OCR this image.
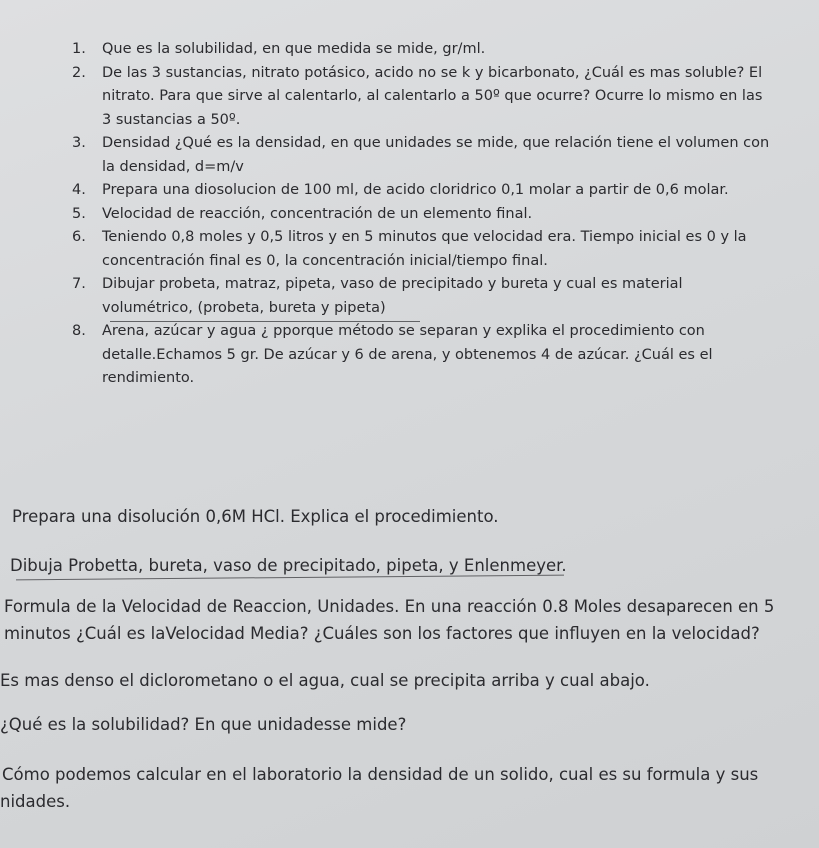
1. Que es la solubilidad, en que medida se mide, gr/ml.
2. De las 3 sustancias, nitrato potásico, acido no se k y bicarbonato, ¿Cuál es mas soluble? El nitrato. Para que sirve al calentarlo, al calentarlo a 50º que ocurre? Ocurre lo mismo en las 3 sustancias a 50º.
3. Densidad ¿Qué es la densidad, en que unidades se mide, que relación tiene el volumen con la densidad, d=m/v
4. Prepara una diosolucion de 100 ml, de acido cloridrico 0,1 molar a partir de 0,6 molar.
5. Velocidad de reacción, concentración de un elemento final.
6. Teniendo 0,8 moles y 0,5 litros y en 5 minutos que velocidad era. Tiempo inicial es 0 y la concentración final es 0, la concentración inicial/tiempo final.
7. Dibujar probeta, matraz, pipeta, vaso de precipitado y bureta y cual es material volumétrico, (probeta, bureta y pipeta)
8. Arena, azúcar y agua ¿ pporque método se separan y explika el procedimiento con detalle.Echamos 5 gr. De azúcar y 6 de arena, y obtenemos 4 de azúcar. ¿Cuál es el rendimiento.

Prepara una disolución 0,6M HCl. Explica el procedimiento.

Dibuja Probetta, bureta, vaso de precipitado, pipeta, y Enlenmeyer.

Formula de la Velocidad de Reaccion, Unidades. En una reacción 0.8 Moles desaparecen en 5

minutos ¿Cuál es laVelocidad Media? ¿Cuáles son los factores que influyen en la velocidad?

Es mas denso el diclorometano o el agua, cual se precipita arriba y cual abajo.

¿Qué es la solubilidad? En que unidadesse mide?

Cómo podemos calcular en el laboratorio la densidad de un solido, cual es su formula y sus

nidades.
